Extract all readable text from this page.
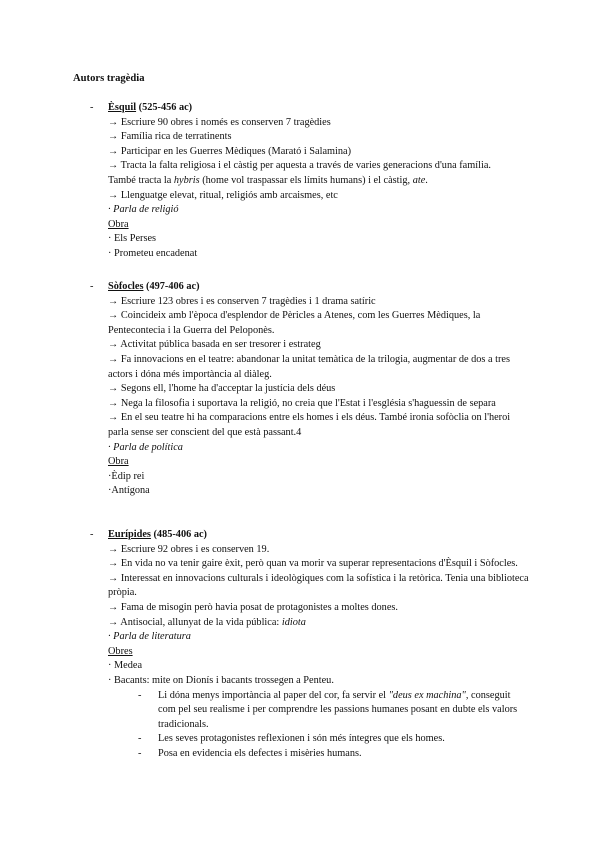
Autors tragèdia
- Èsquil (525-456 ac)
→ Escriure 90 obres i només es conserven 7 tragèdies
→ Família rica de terratinents
→ Participar en les Guerres Mèdiques (Marató i Salamina)
→ Tracta la falta religiosa i el càstig per aquesta a través de varies generacions d'una família.
També tracta la hybris (home vol traspassar els límits humans) i el càstig, ate.
→ Llenguatge elevat, ritual, religiós amb arcaismes, etc
· Parla de religió
Obra
· Els Perses
· Prometeu encadenat
- Sòfocles (497-406 ac)
→ Escriure 123 obres i es conserven 7 tragèdies i 1 drama satíric
→ Coincideix amb l'època d'esplendor de Pèricles a Atenes, com les Guerres Mèdiques, la Pentecontecia i la Guerra del Peloponès.
→ Activitat pública basada en ser tresorer i estrateg
→ Fa innovacions en el teatre: abandonar la unitat temàtica de la trilogia, augmentar de dos a tres actors i dóna més importància al diàleg.
→ Segons ell, l'home ha d'acceptar la justícia dels déus
→ Nega la filosofia i suportava la religió, no creia que l'Estat i l'església s'haguessin de separa
→ En el seu teatre hi ha comparacions entre els homes i els déus. També ironia sofòclia on l'heroi parla sense ser conscient del que està passant.4
· Parla de política
Obra
·Èdip rei
·Antígona
- Eurípides (485-406 ac)
→ Escriure 92 obres i es conserven 19.
→ En vida no va tenir gaire èxit, però quan va morir va superar representacions d'Èsquil i Sòfocles.
→ Interessat en innovacions culturals i ideològiques com la sofística i la retòrica. Tenia una biblioteca pròpia.
→ Fama de misogin però havia posat de protagonistes a moltes dones.
→ Antisocial, allunyat de la vida pública: idiota
· Parla de literatura
Obres
· Medea
· Bacants: mite on Dionís i bacants trossegen a Penteu.
- Li dóna menys importància al paper del cor, fa servir el "deus ex machina", conseguit com pel seu realisme i per comprendre les passions humanes posant en dubte els valors tradicionals.
- Les seves protagonistes reflexionen i són més íntegres que els homes.
- Posa en evidencia els defectes i misèries humans.
